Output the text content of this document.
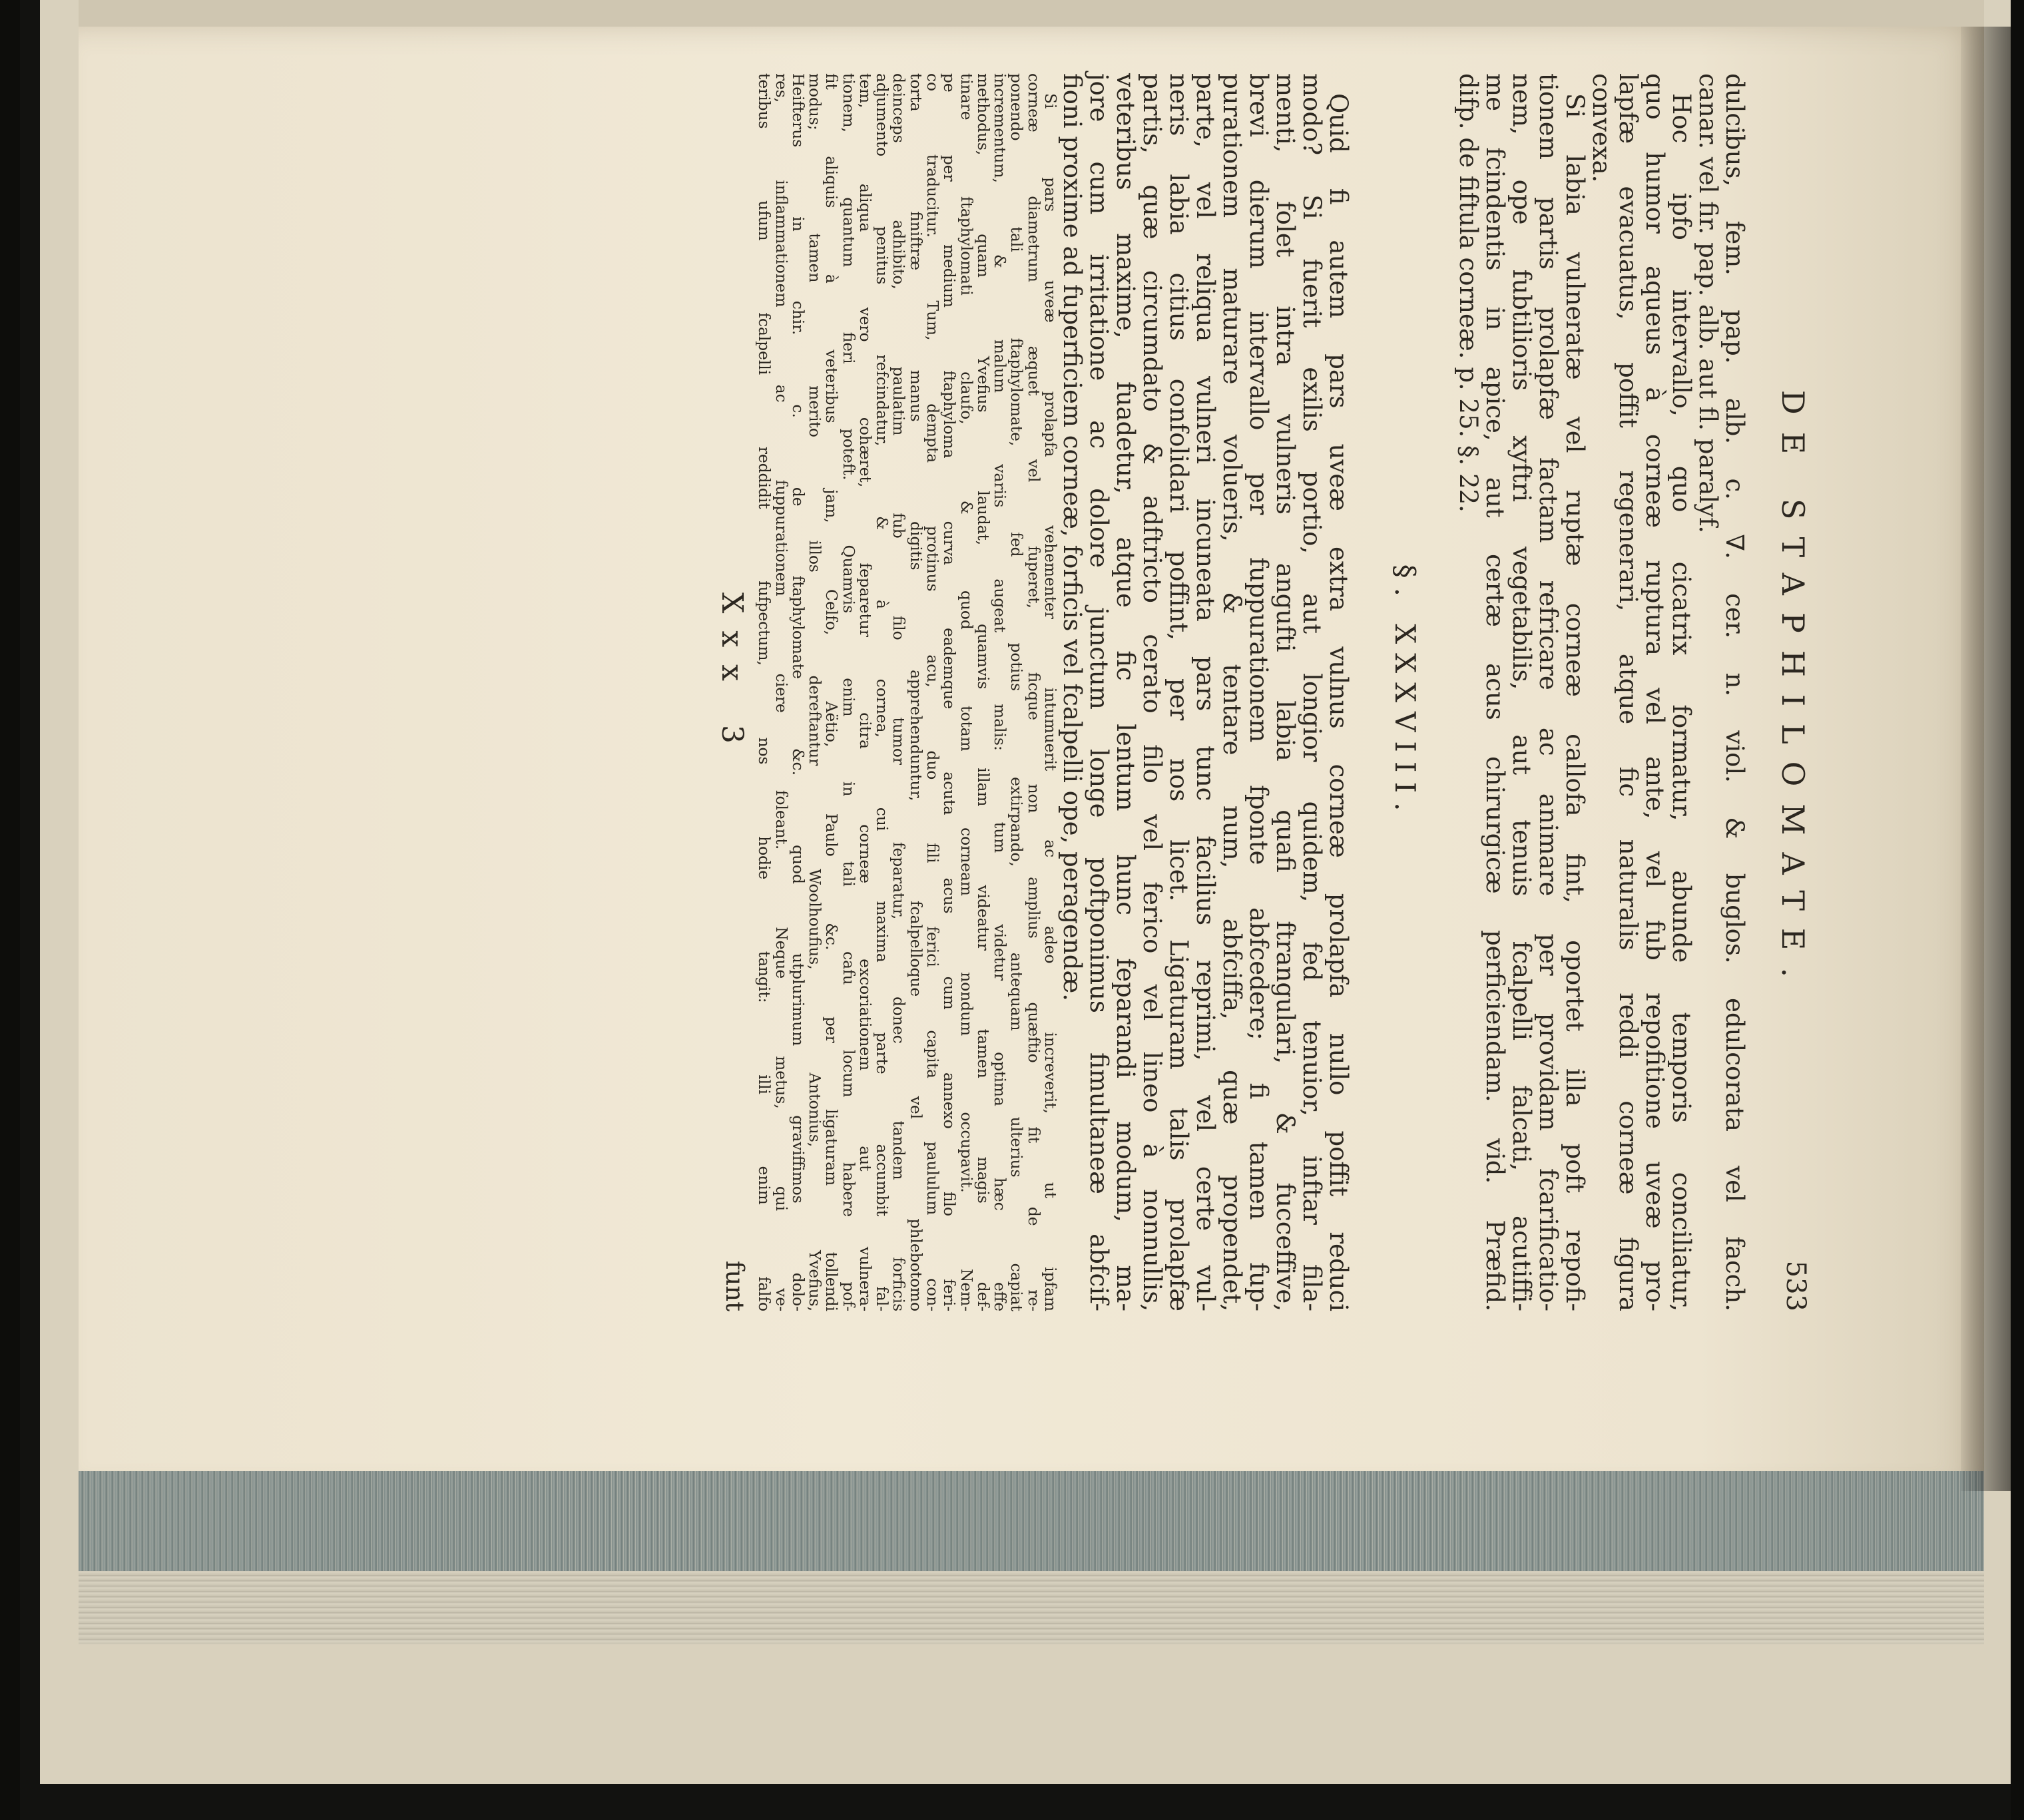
DE STAPHILOMATE.
533
dulcibus, fem. pap. alb. c. ∇. cer. n. viol. & buglos. edulcorata vel facch.
canar. vel fir. pap. alb. aut fl. paralyf.
Hoc ipfo intervallo, quo cicatrix formatur, abunde temporis conciliatur,
quo humor aqueus à corneæ ruptura vel ante, vel fub repofitione uveæ pro-
lapfæ evacuatus, poffit regenerari, atque fic naturalis reddi corneæ figura
convexa.
Si labia vulneratæ vel ruptæ corneæ callofa fint, oportet illa poft repofi-
tionem partis prolapfæ factam refricare ac animare per providam fcarificatio-
nem, ope fubtilioris xyftri vegetabilis, aut tenuis fcalpelli falcati, acutiffi-
me fcindentis in apice, aut certæ acus chirurgicæ perficiendam. vid. Præfid.
difp. de fiftula corneæ. p. 25. §. 22.
§. XXXVIII.
Quid fi autem pars uveæ extra vulnus corneæ prolapfa nullo poffit reduci
modo? Si fuerit exilis portio, aut longior quidem, fed tenuior, inftar fila-
menti, folet intra vulneris angufti labia quafi ftrangulari, & fucceffive,
brevi dierum intervallo per fuppurationem fponte abfcedere; fi tamen fup-
purationem maturare volueris, & tentare num, abfciffa, quæ propendet,
parte, vel reliqua vulneri incuneata pars tunc facilius reprimi, vel certe vul-
neris labia citius confolidari poffint, per nos licet. Ligaturam talis prolapfæ
partis, quæ circumdato & adftricto cerato filo vel ferico vel lineo à nonnullis,
veteribus maxime, fuadetur, atque fic lentum hunc feparandi modum, ma-
jore cum irritatione ac dolore junctum longe poftponimus fimultaneæ abfcif-
fioni proxime ad fuperficiem corneæ, forficis vel fcalpelli ope, peragendæ.
Si pars uveæ prolapfa vehementer intumuerit ac adeo increverit, ut ipfam
corneæ diametrum æquet vel fuperet, ficque non amplius quæftio fit de re-
ponendo tali ftaphylomate, fed potius extirpando, antequam ulterius capiat
incrementum, & malum variis augeat malis: tum videtur optima hæc effe
methodus, quam Yvefius laudat, quamvis illam videatur tamen magis def-
tinare ftaphylomati claufo, & quod totam corneam nondum occupavit. Nem-
pe per medium ftaphyloma curva eademque acuta acus cum annexo filo feri-
co traducitur. Tum, dempta protinus acu, duo fili ferici capita paululum con-
torta finiftræ manus digitis apprehenduntur, fcalpelloque vel phlebotomo
deinceps adhibito, paulatim fub filo tumor feparatur, donec tandem forficis
adjumento penitus refcindatur, & à cornea, cui maxima parte accumbit fal-
Xxx 3
funt	tem, aliqua vero cohæret, feparetur citra corneæ excoriationem aut vulnera-
tionem, quantum fieri poteft. Quamvis enim in tali cafu locum habere pof-
fit aliquis à veteribus jam, Celfo, Aëtio, Paulo &c. per ligaturam tollendi
modus; tamen merito illos dereftantur Woolhoufius, Antonius, Yvefius,
Heifterus in chir. c. de ftaphylomate &c. quod utplurimum graviffimos dolo-
res, inflammationem ac fuppurationem ciere foleant. Neque metus, qui ve-
teribus ufum fcalpelli reddidit fufpectum, nos hodie tangit: illi enim falfo
